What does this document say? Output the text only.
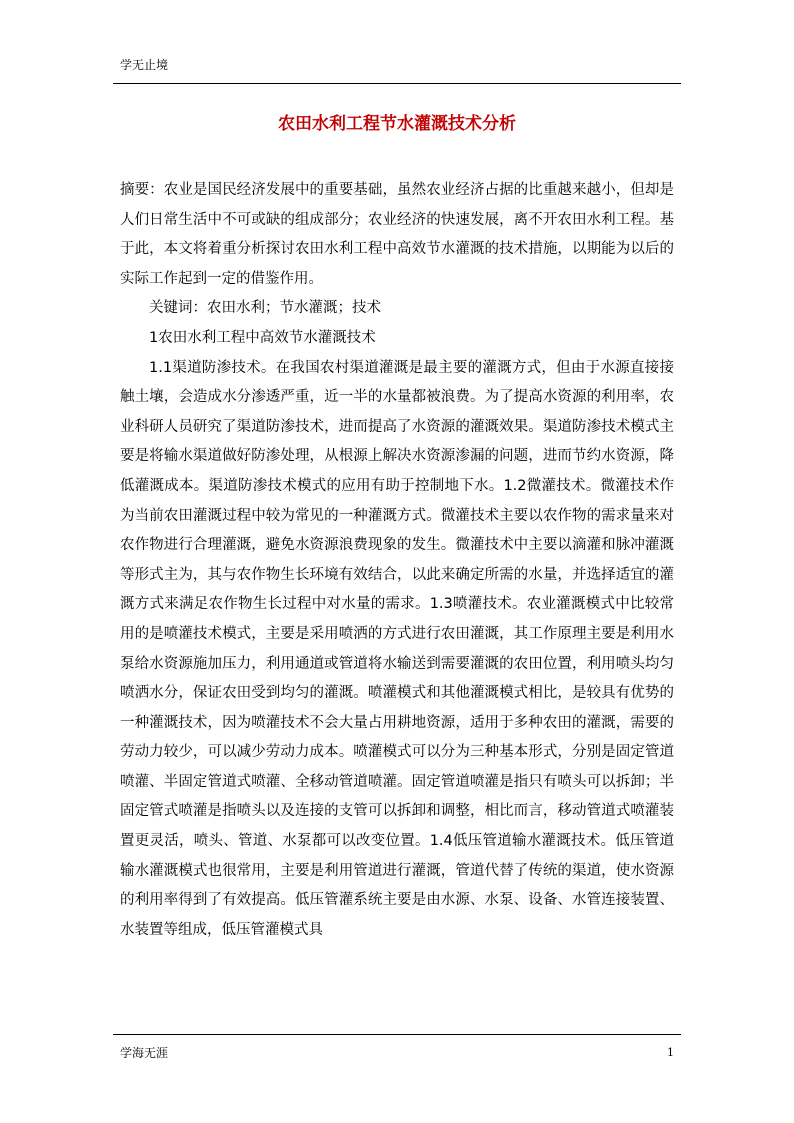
学无止境
农田水利工程节水灌溉技术分析

摘要：农业是国民经济发展中的重要基础，虽然农业经济占据的比重越来越小，但却是人们日常生活中不可或缺的组成部分；农业经济的快速发展，离不开农田水利工程。基于此，本文将着重分析探讨农田水利工程中高效节水灌溉的技术措施，以期能为以后的实际工作起到一定的借鉴作用。

关键词：农田水利；节水灌溉；技术

1农田水利工程中高效节水灌溉技术

1.1渠道防渗技术。在我国农村渠道灌溉是最主要的灌溉方式，但由于水源直接接触土壤，会造成水分渗透严重，近一半的水量都被浪费。为了提高水资源的利用率，农业科研人员研究了渠道防渗技术，进而提高了水资源的灌溉效果。渠道防渗技术模式主要是将输水渠道做好防渗处理，从根源上解决水资源渗漏的问题，进而节约水资源，降低灌溉成本。渠道防渗技术模式的应用有助于控制地下水。1.2微灌技术。微灌技术作为当前农田灌溉过程中较为常见的一种灌溉方式。微灌技术主要以农作物的需求量来对农作物进行合理灌溉，避免水资源浪费现象的发生。微灌技术中主要以滴灌和脉冲灌溉等形式主为，其与农作物生长环境有效结合，以此来确定所需的水量，并选择适宜的灌溉方式来满足农作物生长过程中对水量的需求。1.3喷灌技术。农业灌溉模式中比较常用的是喷灌技术模式，主要是采用喷洒的方式进行农田灌溉，其工作原理主要是利用水泵给水资源施加压力，利用通道或管道将水输送到需要灌溉的农田位置，利用喷头均匀喷洒水分，保证农田受到均匀的灌溉。喷灌模式和其他灌溉模式相比，是较具有优势的一种灌溉技术，因为喷灌技术不会大量占用耕地资源，适用于多种农田的灌溉，需要的劳动力较少，可以减少劳动力成本。喷灌模式可以分为三种基本形式，分别是固定管道喷灌、半固定管道式喷灌、全移动管道喷灌。固定管道喷灌是指只有喷头可以拆卸；半固定管式喷灌是指喷头以及连接的支管可以拆卸和调整，相比而言，移动管道式喷灌装置更灵活，喷头、管道、水泵都可以改变位置。1.4低压管道输水灌溉技术。低压管道输水灌溉模式也很常用，主要是利用管道进行灌溉，管道代替了传统的渠道，使水资源的利用率得到了有效提高。低压管灌系统主要是由水源、水泵、设备、水管连接装置、水装置等组成，低压管灌模式具

学海无涯	1
